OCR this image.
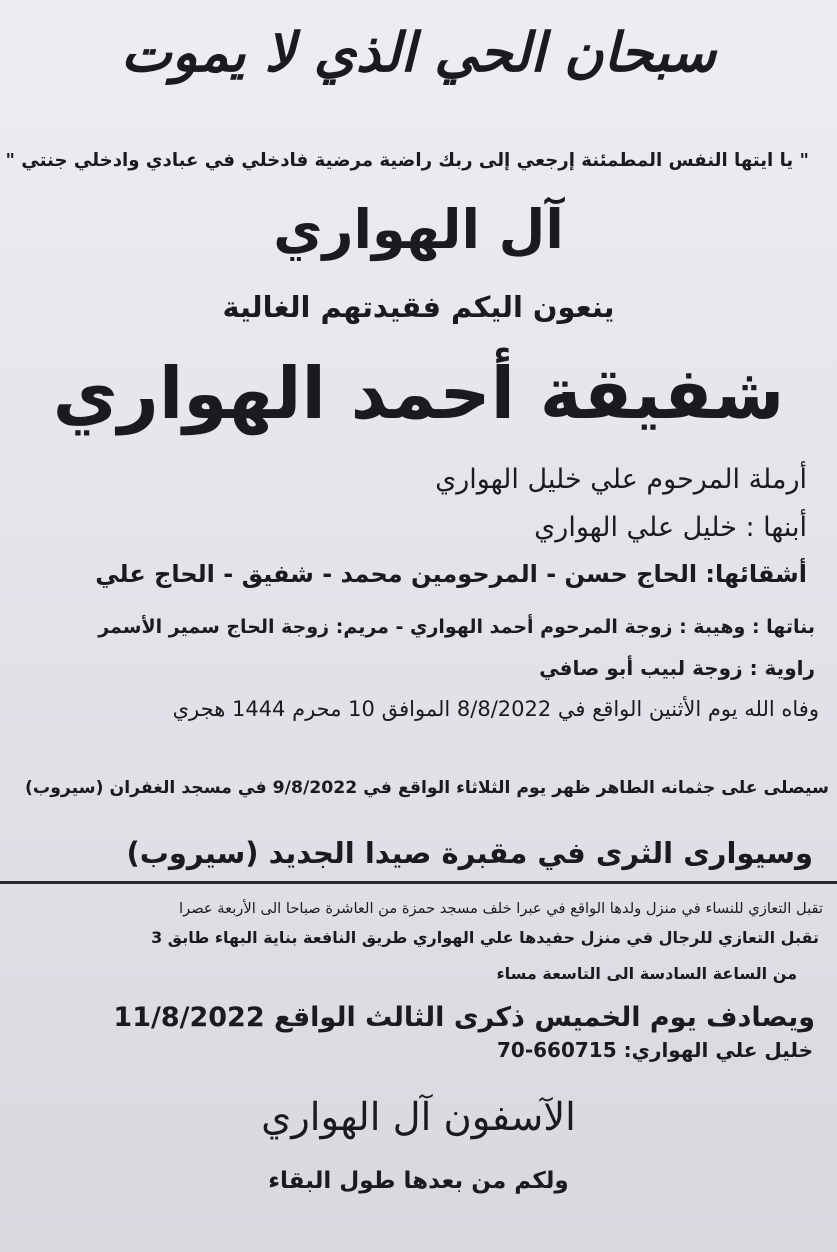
سبحان الحي الذي لا يموت
" يا ايتها النفس المطمئنة إرجعي إلى ربك راضية مرضية فادخلي في عبادي وادخلي جنتي "
آل الهواري
ينعون اليكم فقيدتهم الغالية
شفيقة أحمد الهواري
أرملة المرحوم علي خليل الهواري
أبنها : خليل علي الهواري
أشقائها: الحاج حسن - المرحومين محمد - شفيق - الحاج علي
بناتها : وهيبة : زوجة المرحوم أحمد الهواري - مريم: زوجة الحاج سمير الأسمر
راوية : زوجة لبيب أبو صافي
وفاه الله يوم الأثنين الواقع في 8/8/2022 الموافق 10 محرم 1444 هجري
سيصلى على جثمانه الطاهر ظهر يوم الثلاثاء الواقع في 9/8/2022 في مسجد الغفران (سيروب)
وسيوارى الثرى في مقبرة صيدا الجديد (سيروب)
تقبل التعازي للنساء في منزل ولدها الواقع في عبرا خلف مسجد حمزة من العاشرة صباحا الى الأربعة عصرا
تقبل التعازي للرجال في منزل حفيدها علي الهواري طريق النافعة بناية البهاء طابق 3
من الساعة السادسة الى التاسعة مساء
ويصادف يوم الخميس ذكرى الثالث الواقع 11/8/2022
خليل علي الهواري: 70-660715
الآسفون آل الهواري
ولكم من بعدها طول البقاء
